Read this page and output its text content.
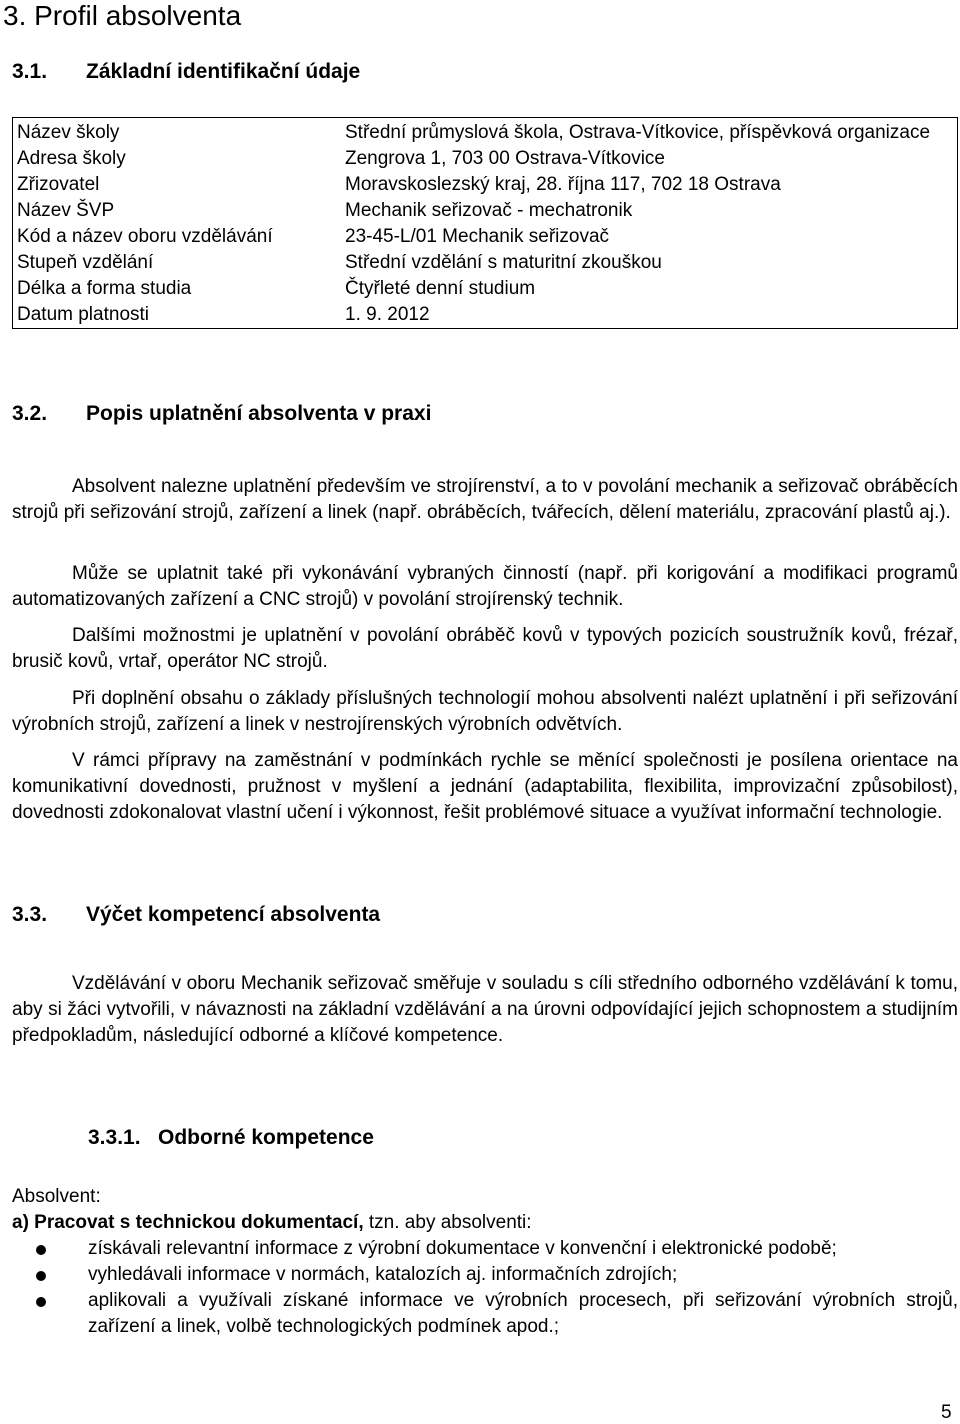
3. Profil absolventa
3.1. Základní identifikační údaje
Název školy	Střední průmyslová škola, Ostrava-Vítkovice, příspěvková organizace
Adresa školy	Zengrova 1, 703 00 Ostrava-Vítkovice
Zřizovatel	Moravskoslezský kraj, 28. října 117, 702 18 Ostrava
Název ŠVP	Mechanik seřizovač - mechatronik
Kód a název oboru vzdělávání	23-45-L/01 Mechanik seřizovač
Stupeň vzdělání	Střední vzdělání s maturitní zkouškou
Délka a forma studia	Čtyřleté denní studium
Datum platnosti	1. 9. 2012
3.2. Popis uplatnění absolventa v praxi
Absolvent nalezne uplatnění především ve strojírenství, a to v povolání mechanik a seřizovač obráběcích strojů při seřizování strojů, zařízení a linek (např. obráběcích, tvářecích, dělení materiálu, zpracování plastů aj.).
Může se uplatnit také při vykonávání vybraných činností (např. při korigování a modifikaci programů automatizovaných zařízení a CNC strojů) v povolání strojírenský technik.
Dalšími možnostmi je uplatnění v povolání obráběč kovů v typových pozicích soustružník kovů, frézař, brusič kovů, vrtař, operátor NC strojů.
Při doplnění obsahu o základy příslušných technologií mohou absolventi nalézt uplatnění i při seřizování výrobních strojů, zařízení a linek v nestrojírenských výrobních odvětvích.
V rámci přípravy na zaměstnání v podmínkách rychle se měnící společnosti je posílena orientace na komunikativní dovednosti, pružnost v myšlení a jednání (adaptabilita, flexibilita, improvizační způsobilost), dovednosti zdokonalovat vlastní učení i výkonnost, řešit problémové situace a využívat informační technologie.
3.3. Výčet kompetencí absolventa
Vzdělávání v oboru Mechanik seřizovač směřuje v souladu s cíli středního odborného vzdělávání k tomu, aby si žáci vytvořili, v návaznosti na základní vzdělávání a na úrovni odpovídající jejich schopnostem a studijním předpokladům, následující odborné a klíčové kompetence.
3.3.1. Odborné kompetence
Absolvent:
a) Pracovat s technickou dokumentací, tzn. aby absolventi:
získávali relevantní informace z výrobní dokumentace v konvenční i elektronické podobě;
vyhledávali informace v normách, katalozích aj. informačních zdrojích;
aplikovali a využívali získané informace ve výrobních procesech, při seřizování výrobních strojů, zařízení a linek, volbě technologických podmínek apod.;
5
